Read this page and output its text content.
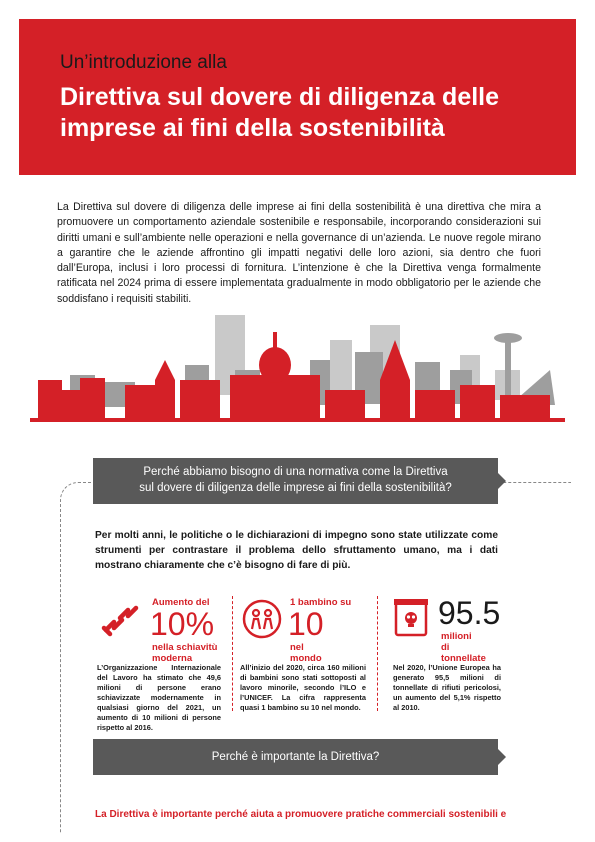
Un’introduzione alla
Direttiva sul dovere di diligenza delle
imprese ai fini della sostenibilità
La Direttiva sul dovere di diligenza delle imprese ai fini della sostenibilità è una direttiva che mira a promuovere un comportamento aziendale sostenibile e responsabile, incorporando considerazioni sui diritti umani e sull’ambiente nelle operazioni e nella governance di un’azienda. Le nuove regole mirano a garantire che le aziende affrontino gli impatti negativi delle loro azioni, sia dentro che fuori dall’Europa, inclusi i loro processi di fornitura. L’intenzione è che la Direttiva venga formalmente ratificata nel 2024 prima di essere implementata gradualmente in modo obbligatorio per le aziende che soddisfano i requisiti stabiliti.
Perché abbiamo bisogno di una normativa come la Direttiva
sul dovere di diligenza delle imprese ai fini della sostenibilità?
Per molti anni, le politiche o le dichiarazioni di impegno sono state utilizzate come strumenti per contrastare il problema dello sfruttamento umano, ma i dati mostrano chiaramente che c’è bisogno di fare di più.
Aumento del
10%
nella schiavitù
moderna
L’Organizzazione Internazionale del Lavoro ha stimato che 49,6 milioni di persone erano schiavizzate modernamente in qualsiasi giorno del 2021, un aumento di 10 milioni di persone rispetto al 2016.
1 bambino su
10
nel
mondo
All’inizio del 2020, circa 160 milioni di bambini sono stati sottoposti al lavoro minorile, secondo l’ILO e l’UNICEF. La cifra rappresenta quasi 1 bambino su 10 nel mondo.
95.5
milioni
di
tonnellate
Nel 2020, l’Unione Europea ha generato 95,5 milioni di tonnellate di rifiuti pericolosi, un aumento del 5,1% rispetto al 2010.
Perché è importante la Direttiva?
La Direttiva è importante perché aiuta a promuovere pratiche commerciali sostenibili e
